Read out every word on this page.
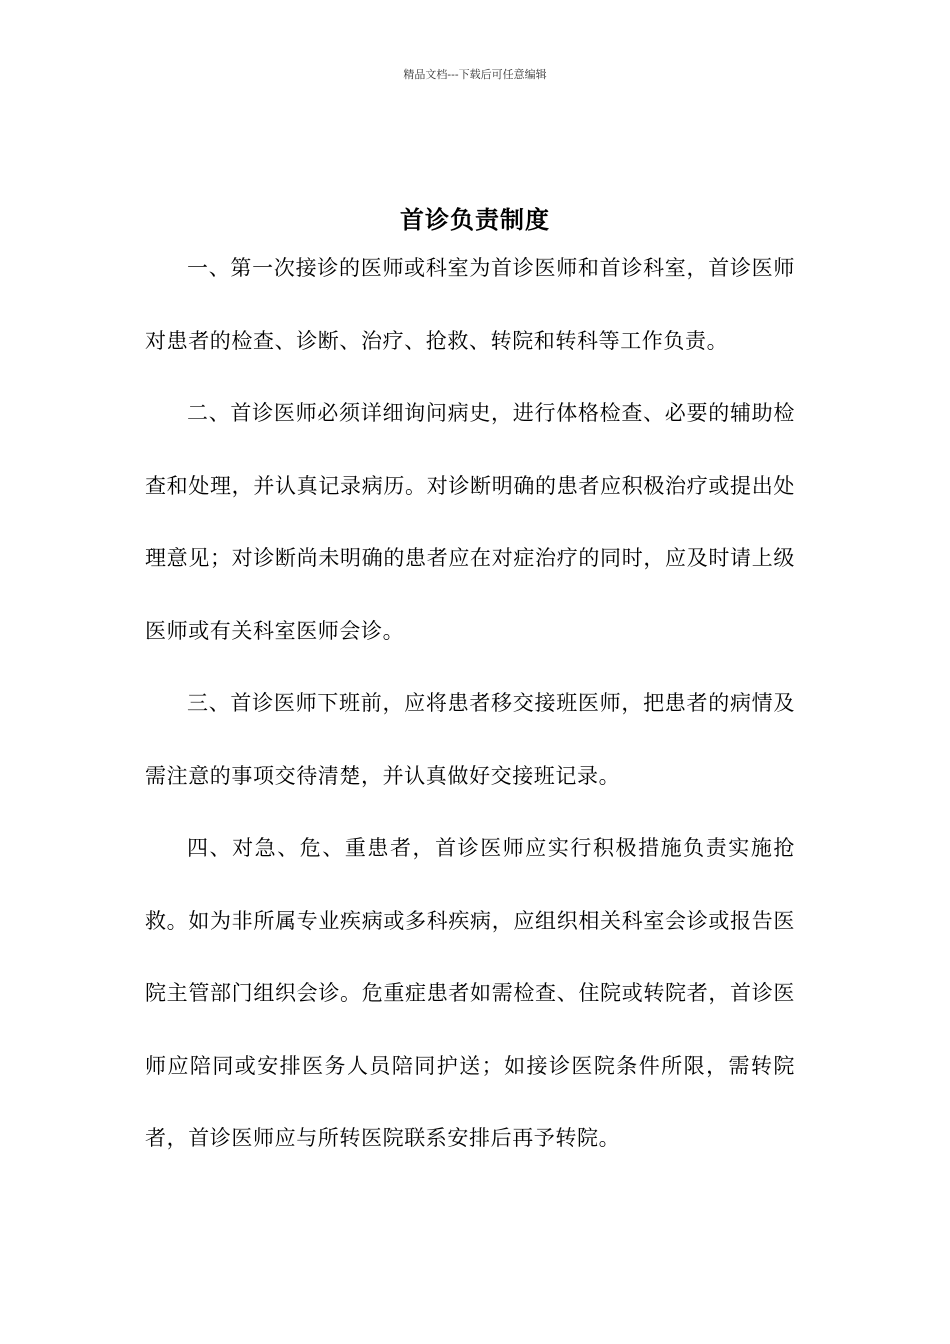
精品文档---下载后可任意编辑
首诊负责制度

一、第一次接诊的医师或科室为首诊医师和首诊科室，首诊医师对患者的检查、诊断、治疗、抢救、转院和转科等工作负责。

二、首诊医师必须详细询问病史，进行体格检查、必要的辅助检查和处理，并认真记录病历。对诊断明确的患者应积极治疗或提出处理意见；对诊断尚未明确的患者应在对症治疗的同时，应及时请上级医师或有关科室医师会诊。

三、首诊医师下班前，应将患者移交接班医师，把患者的病情及需注意的事项交待清楚，并认真做好交接班记录。

四、对急、危、重患者，首诊医师应实行积极措施负责实施抢救。如为非所属专业疾病或多科疾病，应组织相关科室会诊或报告医院主管部门组织会诊。危重症患者如需检查、住院或转院者，首诊医师应陪同或安排医务人员陪同护送；如接诊医院条件所限，需转院者，首诊医师应与所转医院联系安排后再予转院。
